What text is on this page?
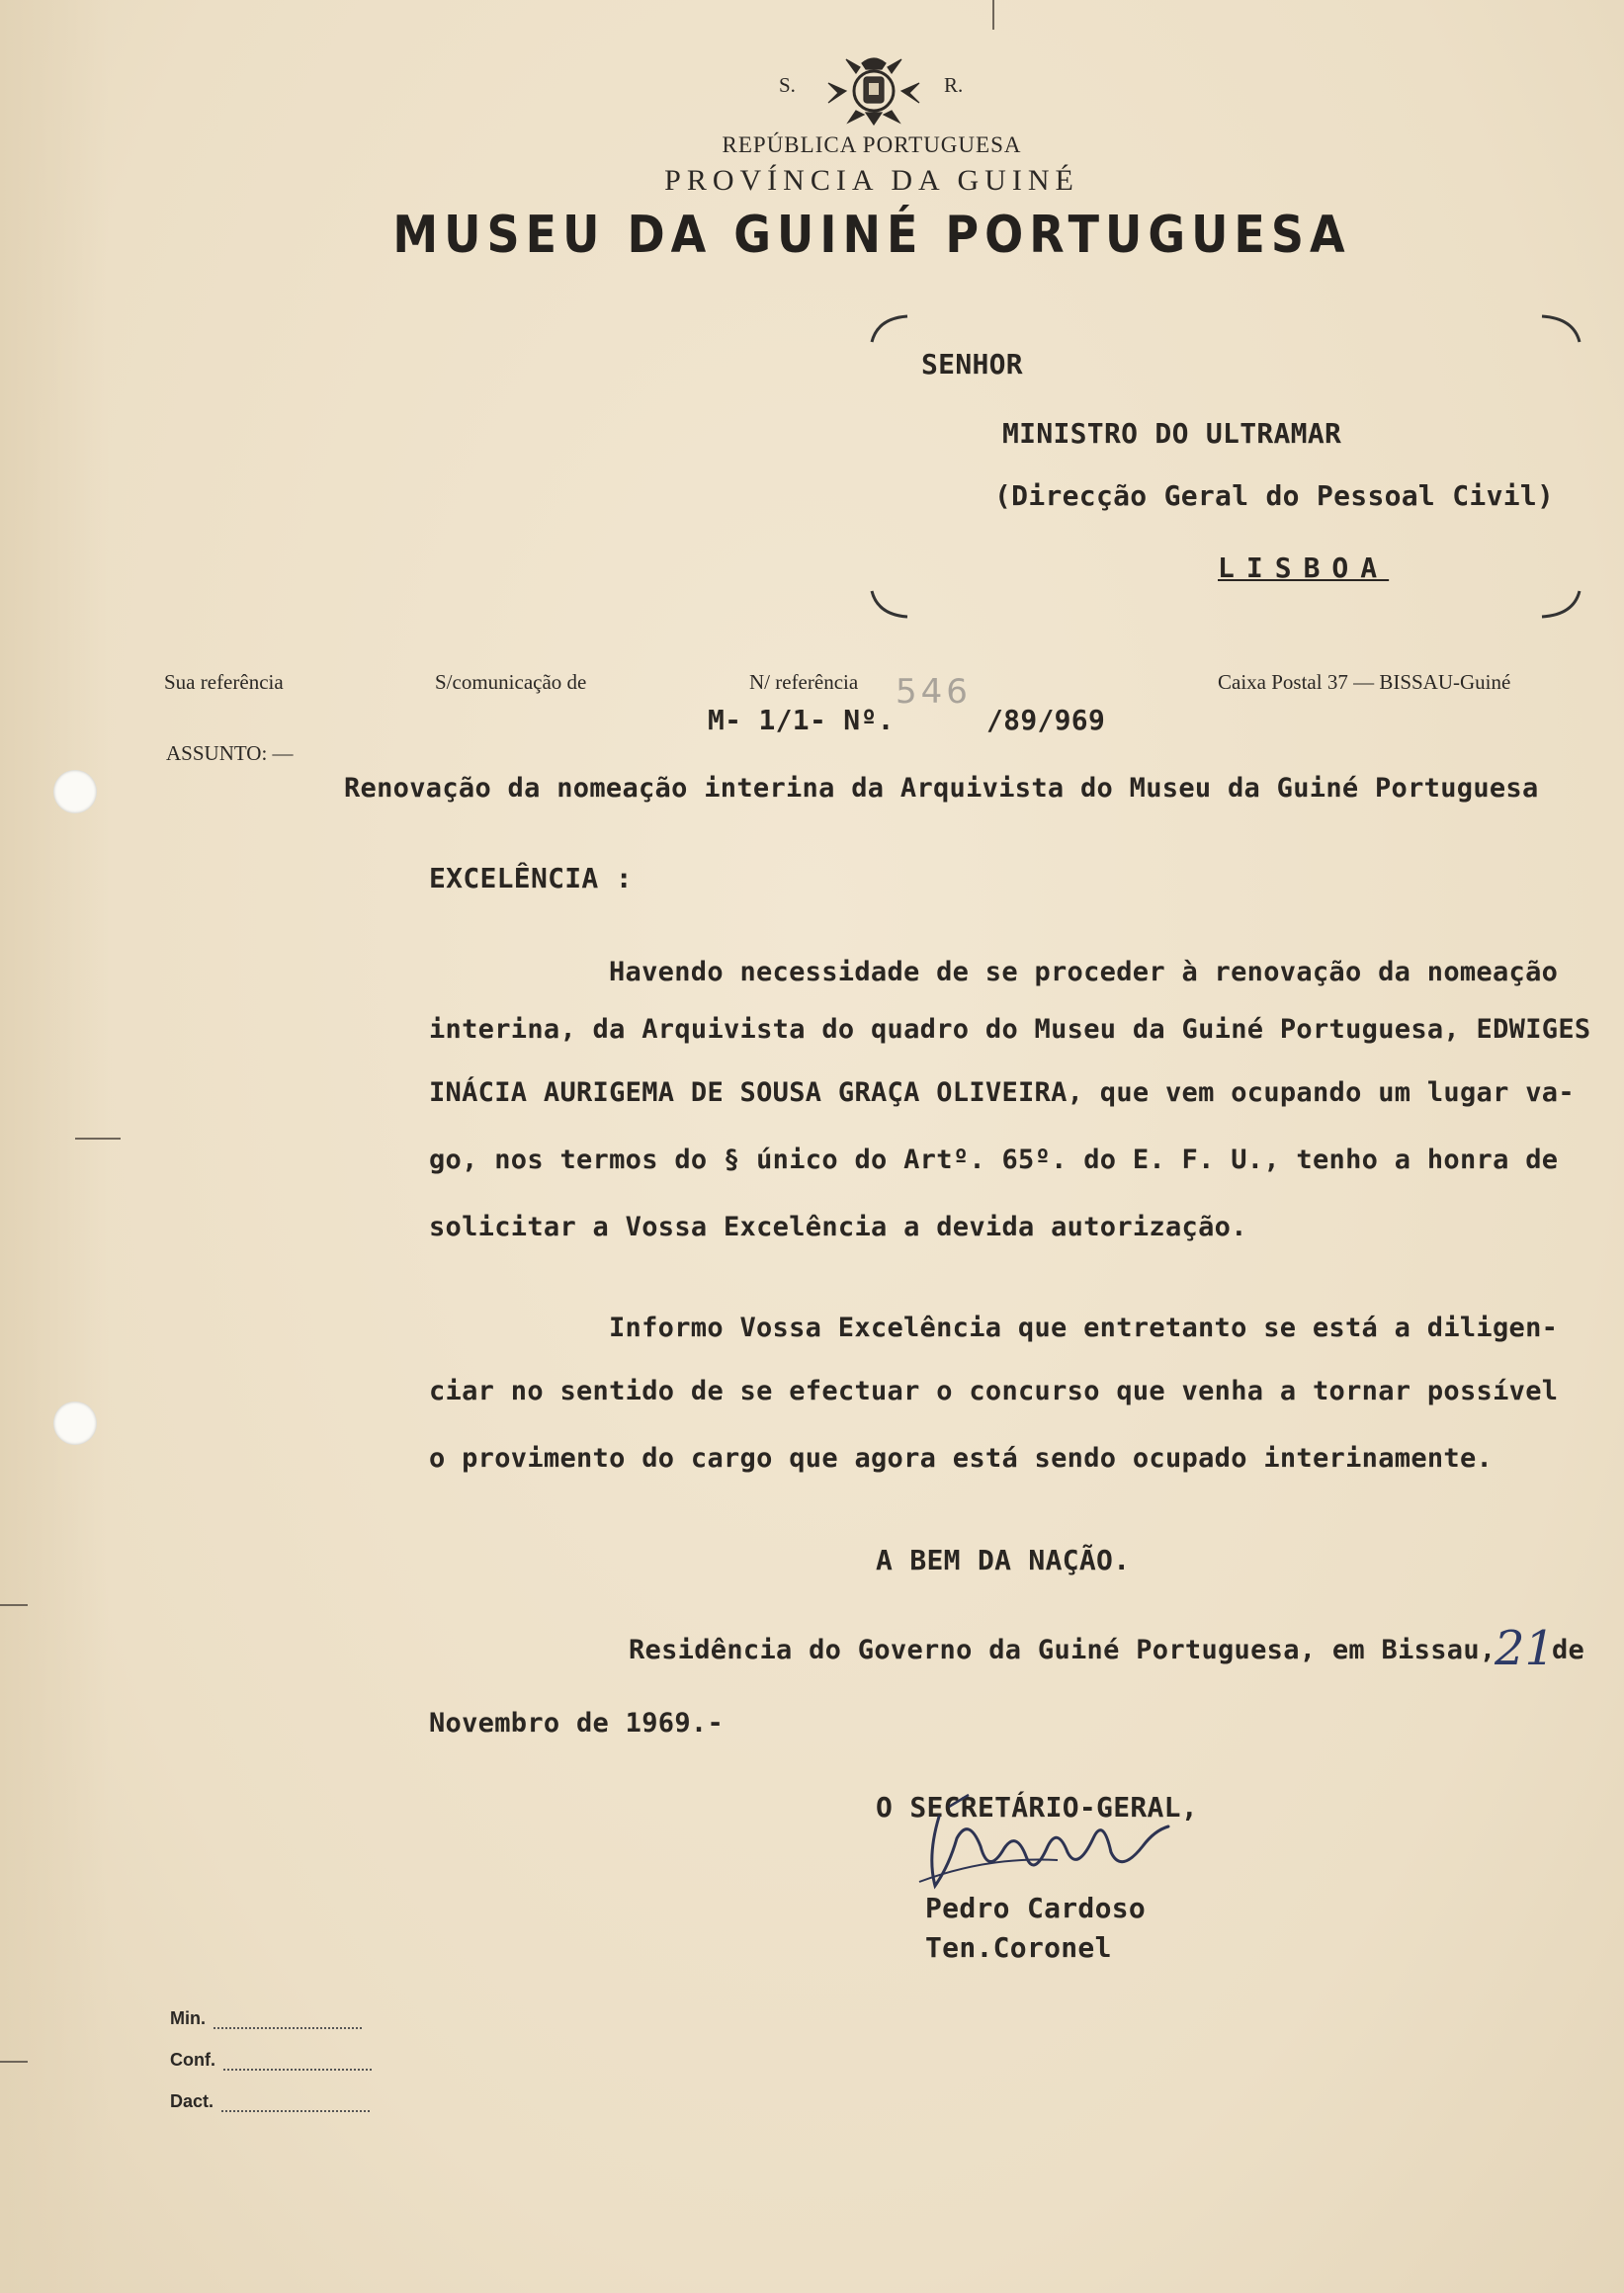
S.	R.
REPÚBLICA PORTUGUESA
PROVÍNCIA DA GUINÉ
MUSEU DA GUINÉ PORTUGUESA
SENHOR
MINISTRO DO ULTRAMAR
(Direcção Geral do Pessoal Civil)
LISBOA
Sua referência	S/comunicação de	N/ referência	Caixa Postal 37 — BISSAU-Guiné
M- 1/1- Nº.
546
/89/969
ASSUNTO: —
Renovação da nomeação interina da Arquivista do Museu da Guiné Portuguesa
EXCELÊNCIA :
Havendo necessidade de se proceder à renovação da nomeação
interina, da Arquivista do quadro do Museu da Guiné Portuguesa, EDWIGES
INÁCIA AURIGEMA DE SOUSA GRAÇA OLIVEIRA, que vem ocupando um lugar va-
go, nos termos do § único do Artº. 65º. do E. F. U., tenho a honra de
solicitar a Vossa Excelência a devida autorização.
Informo Vossa Excelência que entretanto se está a diligen-
ciar no sentido de se efectuar o concurso que venha a tornar possível
o provimento do cargo que agora está sendo ocupado interinamente.
A BEM DA NAÇÃO.
Residência do Governo da Guiné Portuguesa, em Bissau,
21
de
Novembro de 1969.-
O SECRETÁRIO-GERAL,
Pedro Cardoso
Ten.Coronel
Min.
Conf.
Dact.
